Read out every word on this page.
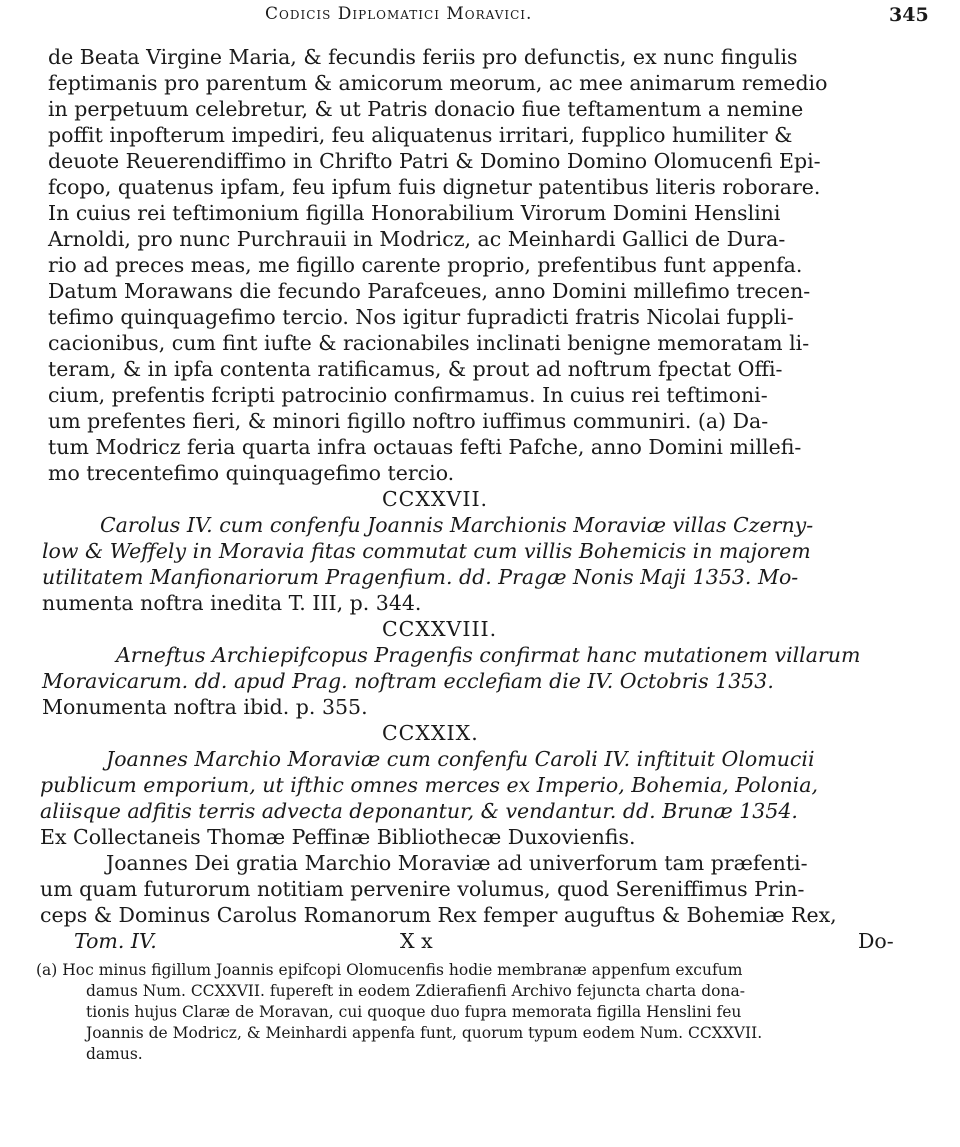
Codicis Diplomatici Moravici.	345
de Beata Virgine Maria, & fecundis feriis pro defunctis, ex nunc fingulis
feptimanis pro parentum & amicorum meorum, ac mee animarum remedio
in perpetuum celebretur, & ut Patris donacio fiue teftamentum a nemine
poffit inpofterum impediri, feu aliquatenus irritari, fupplico humiliter &
deuote Reuerendiffimo in Chrifto Patri & Domino Domino Olomucenfi Epi-
fcopo, quatenus ipfam, feu ipfum fuis dignetur patentibus literis roborare.
In cuius rei teftimonium figilla Honorabilium Virorum Domini Henslini
Arnoldi, pro nunc Purchrauii in Modricz, ac Meinhardi Gallici de Dura-
rio ad preces meas, me figillo carente proprio, prefentibus funt appenfa.
Datum Morawans die fecundo Parafceues, anno Domini millefimo trecen-
tefimo quinquagefimo tercio. Nos igitur fupradicti fratris Nicolai fuppli-
cacionibus, cum fint iufte & racionabiles inclinati benigne memoratam li-
teram, & in ipfa contenta ratificamus, & prout ad noftrum fpectat Offi-
cium, prefentis fcripti patrocinio confirmamus. In cuius rei teftimoni-
um prefentes fieri, & minori figillo noftro iuffimus communiri. (a) Da-
tum Modricz feria quarta infra octauas fefti Pafche, anno Domini millefi-
mo trecentefimo quinquagefimo tercio.
CCXXVII.
Carolus IV. cum confenfu Joannis Marchionis Moraviæ villas Czerny-
low & Weffely in Moravia fitas commutat cum villis Bohemicis in majorem
utilitatem Manfionariorum Pragenfium. dd. Pragæ Nonis Maji 1353. Mo-
numenta noftra inedita T. III, p. 344.
CCXXVIII.
Arneftus Archiepifcopus Pragenfis confirmat hanc mutationem villarum
Moravicarum. dd. apud Prag. noftram ecclefiam die IV. Octobris 1353.
Monumenta noftra ibid. p. 355.
CCXXIX.
Joannes Marchio Moraviæ cum confenfu Caroli IV. inftituit Olomucii
publicum emporium, ut ifthic omnes merces ex Imperio, Bohemia, Polonia,
aliisque adfitis terris advecta deponantur, & vendantur. dd. Brunæ 1354.
Ex Collectaneis Thomæ Peffinæ Bibliothecæ Duxovienfis.
Joannes Dei gratia Marchio Moraviæ ad univerforum tam præfenti-
um quam futurorum notitiam pervenire volumus, quod Sereniffimus Prin-
ceps & Dominus Carolus Romanorum Rex femper auguftus & Bohemiæ Rex,
Tom. IV.	X x	Do-
(a) Hoc minus figillum Joannis epifcopi Olomucenfis hodie membranæ appenfum excufum
damus Num. CCXXVII. fupereft in eodem Zdierafienfi Archivo fejuncta charta dona-
tionis hujus Claræ de Moravan, cui quoque duo fupra memorata figilla Henslini feu
Joannis de Modricz, & Meinhardi appenfa funt, quorum typum eodem Num. CCXXVII.
damus.
